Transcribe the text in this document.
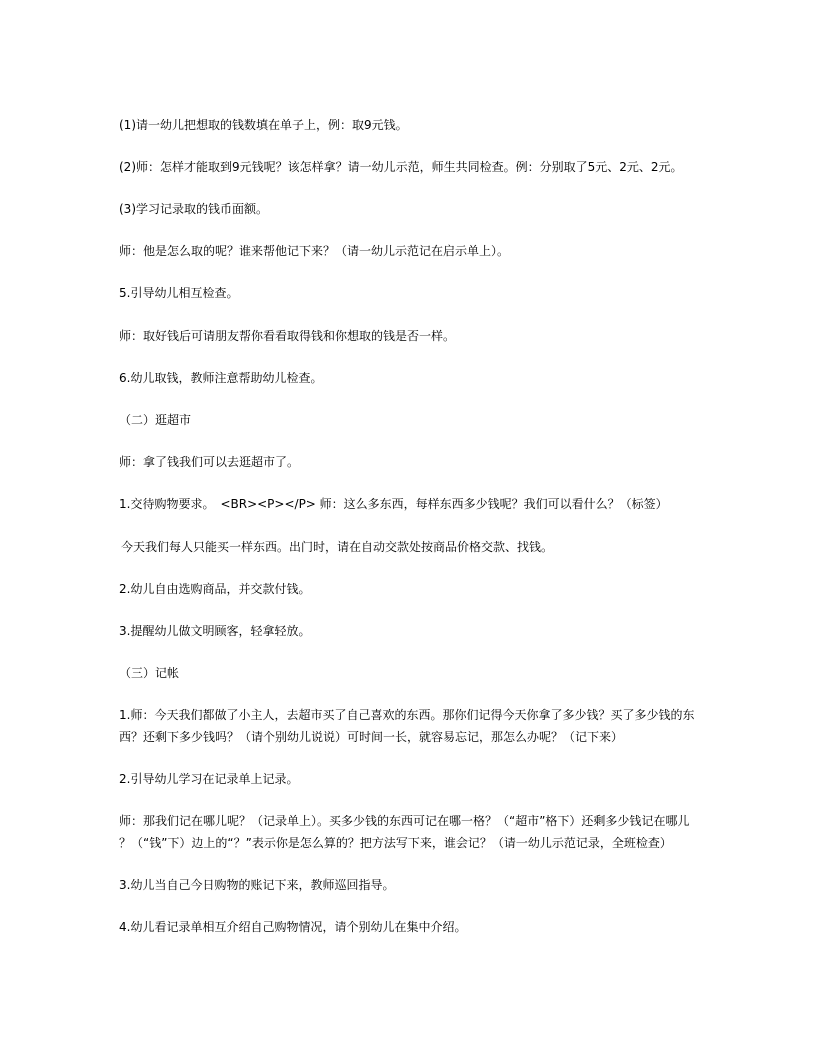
(1)请一幼儿把想取的钱数填在单子上，例：取9元钱。
(2)师：怎样才能取到9元钱呢？该怎样拿？请一幼儿示范，师生共同检查。例：分别取了5元、2元、2元。
(3)学习记录取的钱币面额。
师：他是怎么取的呢？谁来帮他记下来？（请一幼儿示范记在启示单上）。
5.引导幼儿相互检查。
师：取好钱后可请朋友帮你看看取得钱和你想取的钱是否一样。
6.幼儿取钱，教师注意帮助幼儿检查。
（二）逛超市
师：拿了钱我们可以去逛超市了。
1.交待购物要求。　<BR><P></P> 师：这么多东西，每样东西多少钱呢？我们可以看什么？（标签）
今天我们每人只能买一样东西。出门时，请在自动交款处按商品价格交款、找钱。
2.幼儿自由选购商品，并交款付钱。
3.提醒幼儿做文明顾客，轻拿轻放。
（三）记帐
1.师：今天我们都做了小主人，去超市买了自己喜欢的东西。那你们记得今天你拿了多少钱？买了多少钱的东
西？还剩下多少钱吗？（请个别幼儿说说）可时间一长，就容易忘记，那怎么办呢？（记下来）
2.引导幼儿学习在记录单上记录。
师：那我们记在哪儿呢？（记录单上）。买多少钱的东西可记在哪一格？（“超市”格下）还剩多少钱记在哪儿
？（“钱”下）边上的“？”表示你是怎么算的？把方法写下来，谁会记？（请一幼儿示范记录，全班检查）
3.幼儿当自己今日购物的账记下来，教师巡回指导。
4.幼儿看记录单相互介绍自己购物情况，请个别幼儿在集中介绍。
